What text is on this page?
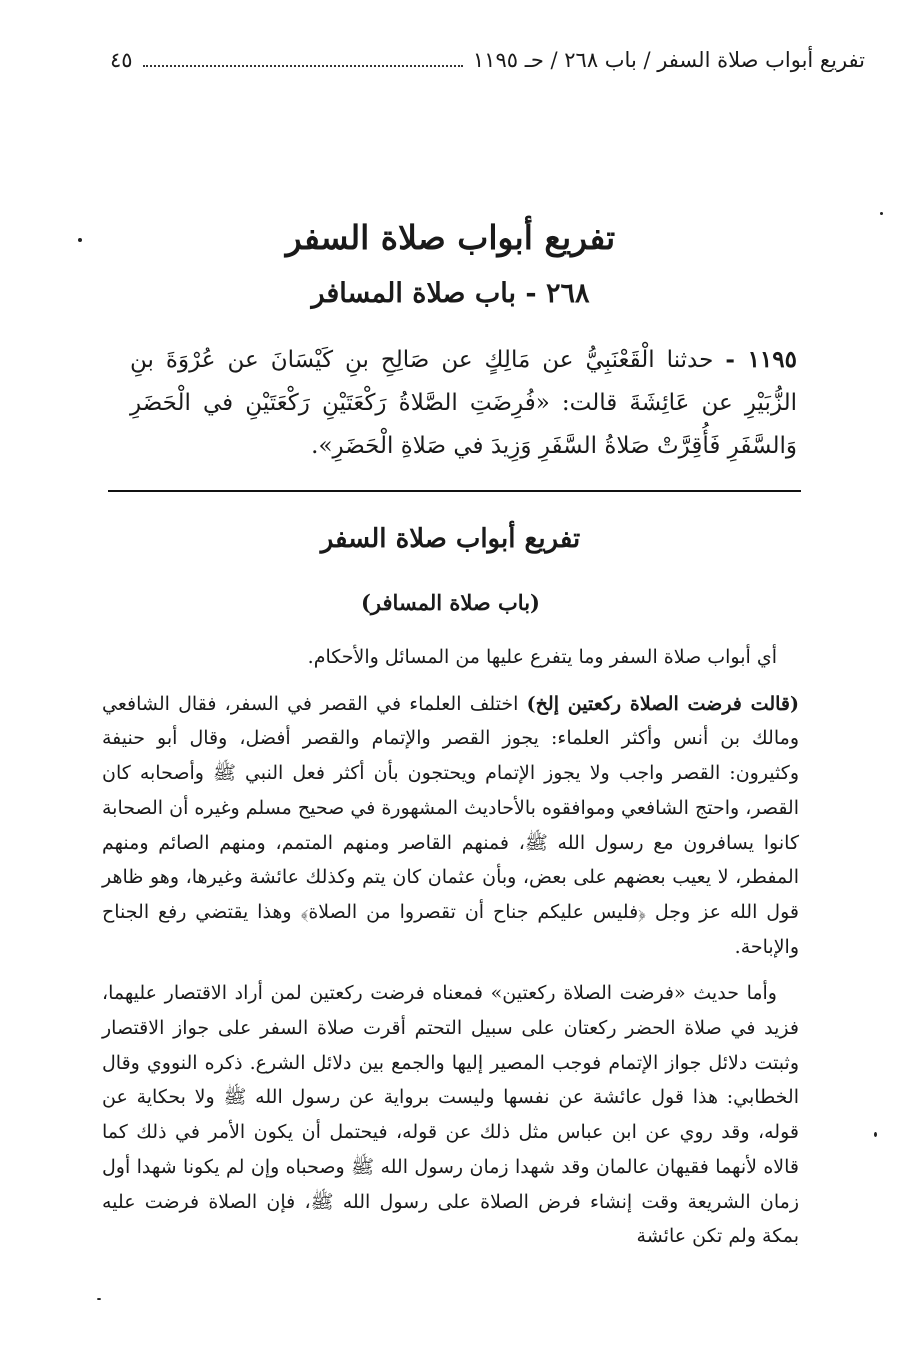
تفريع أبواب صلاة السفر / باب ٢٦٨ / حـ ١١٩٥
٤٥
تفريع أبواب صلاة السفر
٢٦٨ - باب صلاة المسافر
١١٩٥ - حدثنا الْقَعْنَبِيُّ عن مَالِكٍ عن صَالِحِ بنِ كَيْسَانَ عن عُرْوَةَ بنِ الزُّبَيْرِ عن عَائِشَةَ قالت: «فُرِضَتِ الصَّلاةُ رَكْعَتَيْنِ رَكْعَتَيْنِ في الْحَضَرِ وَالسَّفَرِ فَأُقِرَّتْ صَلاةُ السَّفَرِ وَزِيدَ في صَلاةِ الْحَضَرِ».
تفريع أبواب صلاة السفر
(باب صلاة المسافر)

أي أبواب صلاة السفر وما يتفرع عليها من المسائل والأحكام.

(قالت فرضت الصلاة ركعتين إلخ) اختلف العلماء في القصر في السفر، فقال الشافعي ومالك بن أنس وأكثر العلماء: يجوز القصر والإتمام والقصر أفضل، وقال أبو حنيفة وكثيرون: القصر واجب ولا يجوز الإتمام ويحتجون بأن أكثر فعل النبي ﷺ وأصحابه كان القصر، واحتج الشافعي وموافقوه بالأحاديث المشهورة في صحيح مسلم وغيره أن الصحابة كانوا يسافرون مع رسول الله ﷺ، فمنهم القاصر ومنهم المتمم، ومنهم الصائم ومنهم المفطر، لا يعيب بعضهم على بعض، وبأن عثمان كان يتم وكذلك عائشة وغيرها، وهو ظاهر قول الله عز وجل ﴿فليس عليكم جناح أن تقصروا من الصلاة﴾ وهذا يقتضي رفع الجناح والإباحة.

وأما حديث «فرضت الصلاة ركعتين» فمعناه فرضت ركعتين لمن أراد الاقتصار عليهما، فزيد في صلاة الحضر ركعتان على سبيل التحتم أقرت صلاة السفر على جواز الاقتصار وثبتت دلائل جواز الإتمام فوجب المصير إليها والجمع بين دلائل الشرع. ذكره النووي وقال الخطابي: هذا قول عائشة عن نفسها وليست برواية عن رسول الله ﷺ ولا بحكاية عن قوله، وقد روي عن ابن عباس مثل ذلك عن قوله، فيحتمل أن يكون الأمر في ذلك كما قالاه لأنهما فقيهان عالمان وقد شهدا زمان رسول الله ﷺ وصحباه وإن لم يكونا شهدا أول زمان الشريعة وقت إنشاء فرض الصلاة على رسول الله ﷺ، فإن الصلاة فرضت عليه بمكة ولم تكن عائشة
